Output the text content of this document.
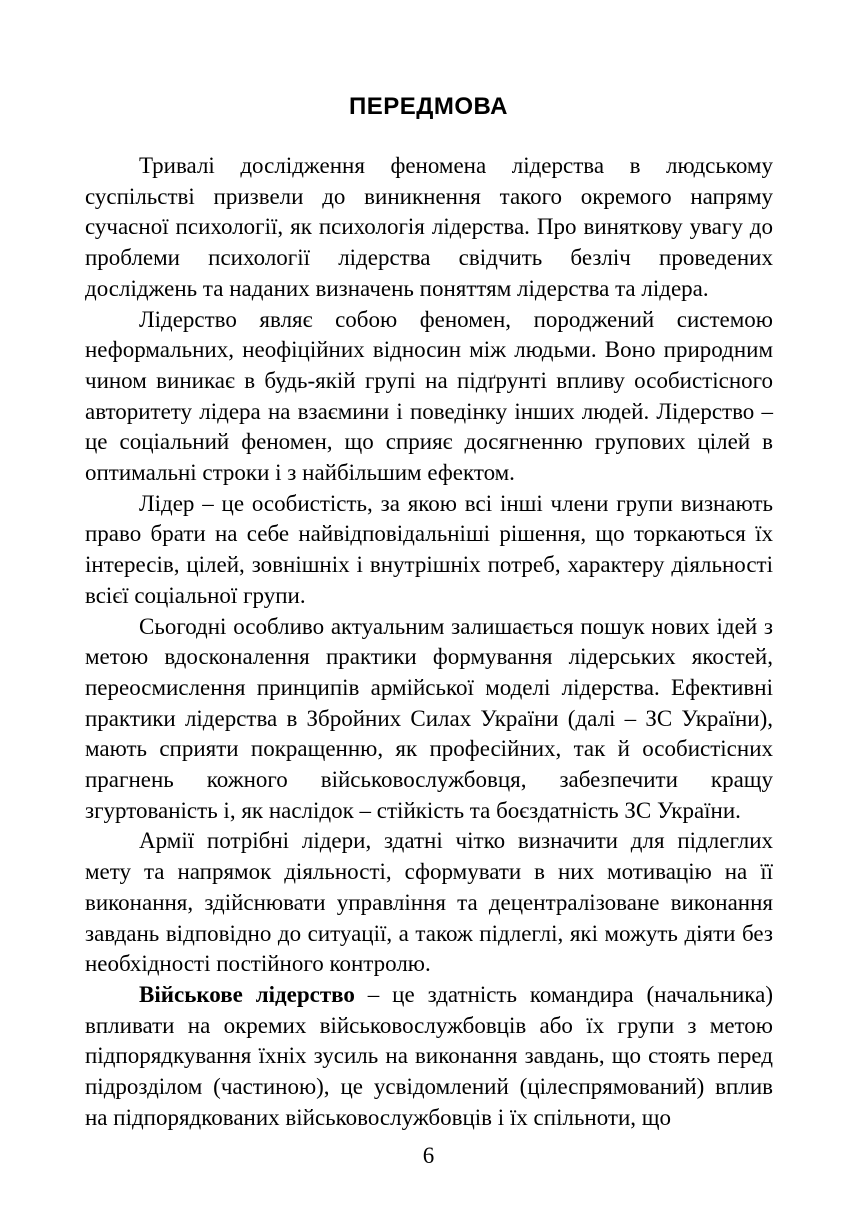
ПЕРЕДМОВА

Тривалі дослідження феномена лідерства в людському суспільстві призвели до виникнення такого окремого напряму сучасної психології, як психологія лідерства. Про виняткову увагу до проблеми психології лідерства свідчить безліч проведених досліджень та наданих визначень поняттям лідерства та лідера.

Лідерство являє собою феномен, породжений системою неформальних, неофіційних відносин між людьми. Воно природним чином виникає в будь-якій групі на підґрунті впливу особистісного авторитету лідера на взаємини і поведінку інших людей. Лідерство – це соціальний феномен, що сприяє досягненню групових цілей в оптимальні строки і з найбільшим ефектом.

Лідер – це особистість, за якою всі інші члени групи визнають право брати на себе найвідповідальніші рішення, що торкаються їх інтересів, цілей, зовнішніх і внутрішніх потреб, характеру діяльності всієї соціальної групи.

Сьогодні особливо актуальним залишається пошук нових ідей з метою вдосконалення практики формування лідерських якостей, переосмислення принципів армійської моделі лідерства. Ефективні практики лідерства в Збройних Силах України (далі – ЗС України), мають сприяти покращенню, як професійних, так й особистісних прагнень кожного військовослужбовця, забезпечити кращу згуртованість і, як наслідок – стійкість та боєздатність ЗС України.

Армії потрібні лідери, здатні чітко визначити для підлеглих мету та напрямок діяльності, сформувати в них мотивацію на її виконання, здійснювати управління та децентралізоване виконання завдань відповідно до ситуації, а також підлеглі, які можуть діяти без необхідності постійного контролю.

Військове лідерство – це здатність командира (начальника) впливати на окремих військовослужбовців або їх групи з метою підпорядкування їхніх зусиль на виконання завдань, що стоять перед підрозділом (частиною), це усвідомлений (цілеспрямований) вплив на підпорядкованих військовослужбовців і їх спільноти, що

6
